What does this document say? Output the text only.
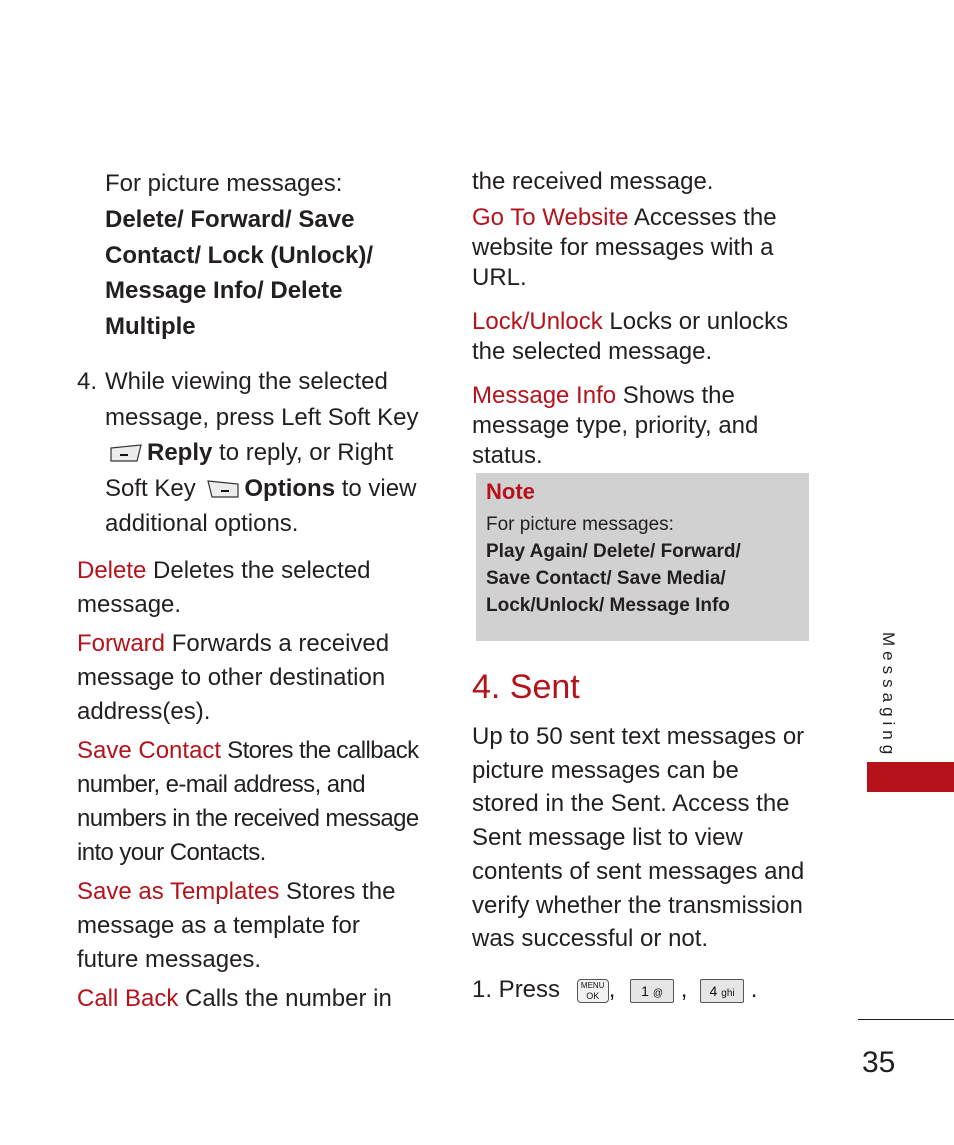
For picture messages:

Delete/ Forward/ Save Contact/ Lock (Unlock)/ Message Info/ Delete Multiple

4. While viewing the selected message, press Left Soft Key
Reply to reply, or Right Soft Key Options to view additional options.

Delete Deletes the selected message.

Forward Forwards a received message to other destination address(es).

Save Contact Stores the callback number, e-mail address, and numbers in the received message into your Contacts.

Save as Templates Stores the message as a template for future messages.

Call Back Calls the number in

the received message.

Go To Website Accesses the website for messages with a URL.

Lock/Unlock Locks or unlocks the selected message.

Message Info Shows the message type, priority, and status.

Note
For picture messages:
Play Again/ Delete/ Forward/
Save Contact/ Save Media/
Lock/Unlock/ Message Info
4. Sent
Up to 50 sent text messages or picture messages can be stored in the Sent. Access the Sent message list to view contents of sent messages and verify whether the transmission was successful or not.
1. Press	MENU
OK , 1 @ , 4 ghi .
Messaging
35
